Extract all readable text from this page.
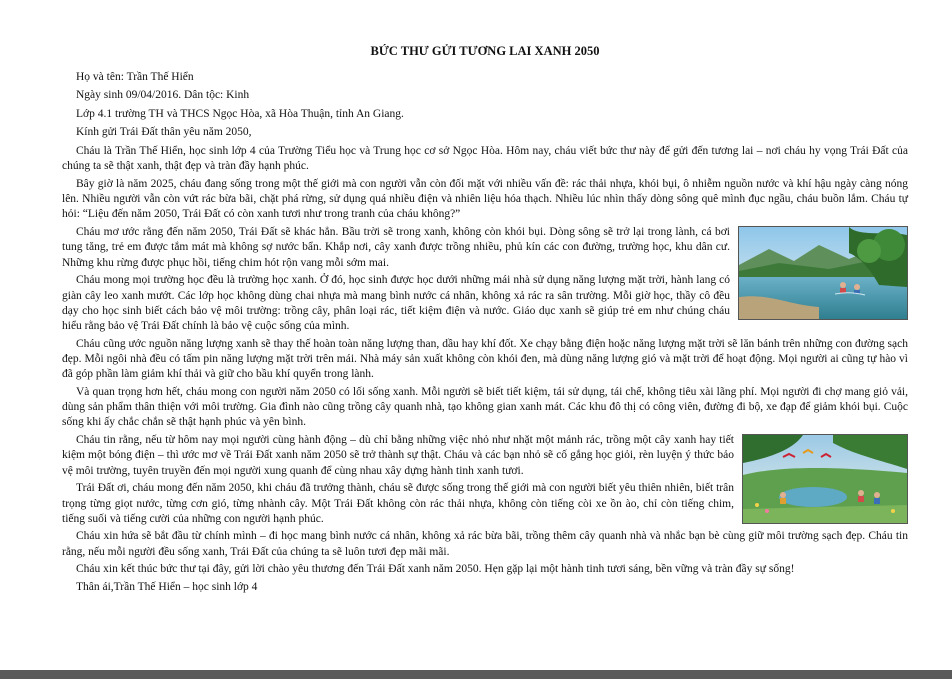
BỨC THƯ GỬI TƯƠNG LAI XANH 2050

Họ và tên: Trần Thế Hiển

Ngày sinh 09/04/2016. Dân tộc: Kinh

Lớp 4.1 trường TH và THCS Ngọc Hòa, xã Hòa Thuận, tỉnh An Giang.

Kính gửi Trái Đất thân yêu năm 2050,

Cháu là Trần Thế Hiển, học sinh lớp 4 của Trường Tiểu học và Trung học cơ sở Ngọc Hòa. Hôm nay, cháu viết bức thư này để gửi đến tương lai – nơi cháu hy vọng Trái Đất của chúng ta sẽ thật xanh, thật đẹp và tràn đầy hạnh phúc.

Bây giờ là năm 2025, cháu đang sống trong một thế giới mà con người vẫn còn đối mặt với nhiều vấn đề: rác thải nhựa, khói bụi, ô nhiễm nguồn nước và khí hậu ngày càng nóng lên. Nhiều người vẫn còn vứt rác bừa bãi, chặt phá rừng, sử dụng quá nhiều điện và nhiên liệu hóa thạch. Nhiều lúc nhìn thấy dòng sông quê mình đục ngầu, cháu buồn lắm. Cháu tự hỏi: “Liệu đến năm 2050, Trái Đất có còn xanh tươi như trong tranh của cháu không?”

Cháu mơ ước rằng đến năm 2050, Trái Đất sẽ khác hẳn. Bầu trời sẽ trong xanh, không còn khói bụi. Dòng sông sẽ trở lại trong lành, cá bơi tung tăng, trẻ em được tắm mát mà không sợ nước bẩn. Khắp nơi, cây xanh được trồng nhiều, phủ kín các con đường, trường học, khu dân cư. Những khu rừng được phục hồi, tiếng chim hót rộn vang mỗi sớm mai.

Cháu mong mọi trường học đều là trường học xanh. Ở đó, học sinh được học dưới những mái nhà sử dụng năng lượng mặt trời, hành lang có giàn cây leo xanh mướt. Các lớp học không dùng chai nhựa mà mang bình nước cá nhân, không xả rác ra sân trường. Mỗi giờ học, thầy cô đều dạy cho học sinh biết cách bảo vệ môi trường: trồng cây, phân loại rác, tiết kiệm điện và nước. Giáo dục xanh sẽ giúp trẻ em như chúng cháu hiểu rằng bảo vệ Trái Đất chính là bảo vệ cuộc sống của mình.

Cháu cũng ước nguồn năng lượng xanh sẽ thay thế hoàn toàn năng lượng than, dầu hay khí đốt. Xe chạy bằng điện hoặc năng lượng mặt trời sẽ lăn bánh trên những con đường sạch đẹp. Mỗi ngôi nhà đều có tấm pin năng lượng mặt trời trên mái. Nhà máy sản xuất không còn khói đen, mà dùng năng lượng gió và mặt trời để hoạt động. Mọi người ai cũng tự hào vì đã góp phần làm giảm khí thải và giữ cho bầu khí quyển trong lành.

Và quan trọng hơn hết, cháu mong con người năm 2050 có lối sống xanh. Mỗi người sẽ biết tiết kiệm, tái sử dụng, tái chế, không tiêu xài lãng phí. Mọi người đi chợ mang giỏ vải, dùng sản phẩm thân thiện với môi trường. Gia đình nào cũng trồng cây quanh nhà, tạo không gian xanh mát. Các khu đô thị có công viên, đường đi bộ, xe đạp để giảm khói bụi. Cuộc sống khi ấy chắc chắn sẽ thật hạnh phúc và yên bình.

Cháu tin rằng, nếu từ hôm nay mọi người cùng hành động – dù chỉ bằng những việc nhỏ như nhặt một mảnh rác, trồng một cây xanh hay tiết kiệm một bóng điện – thì ước mơ về Trái Đất xanh năm 2050 sẽ trở thành sự thật. Cháu và các bạn nhỏ sẽ cố gắng học giỏi, rèn luyện ý thức bảo vệ môi trường, tuyên truyền đến mọi người xung quanh để cùng nhau xây dựng hành tinh xanh tươi.

Trái Đất ơi, cháu mong đến năm 2050, khi cháu đã trưởng thành, cháu sẽ được sống trong thế giới mà con người biết yêu thiên nhiên, biết trân trọng từng giọt nước, từng cơn gió, từng nhành cây. Một Trái Đất không còn rác thải nhựa, không còn tiếng còi xe ồn ào, chỉ còn tiếng chim, tiếng suối và tiếng cười của những con người hạnh phúc.

Cháu xin hứa sẽ bắt đầu từ chính mình – đi học mang bình nước cá nhân, không xả rác bừa bãi, trồng thêm cây quanh nhà và nhắc bạn bè cùng giữ môi trường sạch đẹp. Cháu tin rằng, nếu mỗi người đều sống xanh, Trái Đất của chúng ta sẽ luôn tươi đẹp mãi mãi.

Cháu xin kết thúc bức thư tại đây, gửi lời chào yêu thương đến Trái Đất xanh năm 2050. Hẹn gặp lại một hành tinh tươi sáng, bền vững và tràn đầy sự sống!

Thân ái,Trần Thế Hiển – học sinh lớp 4
